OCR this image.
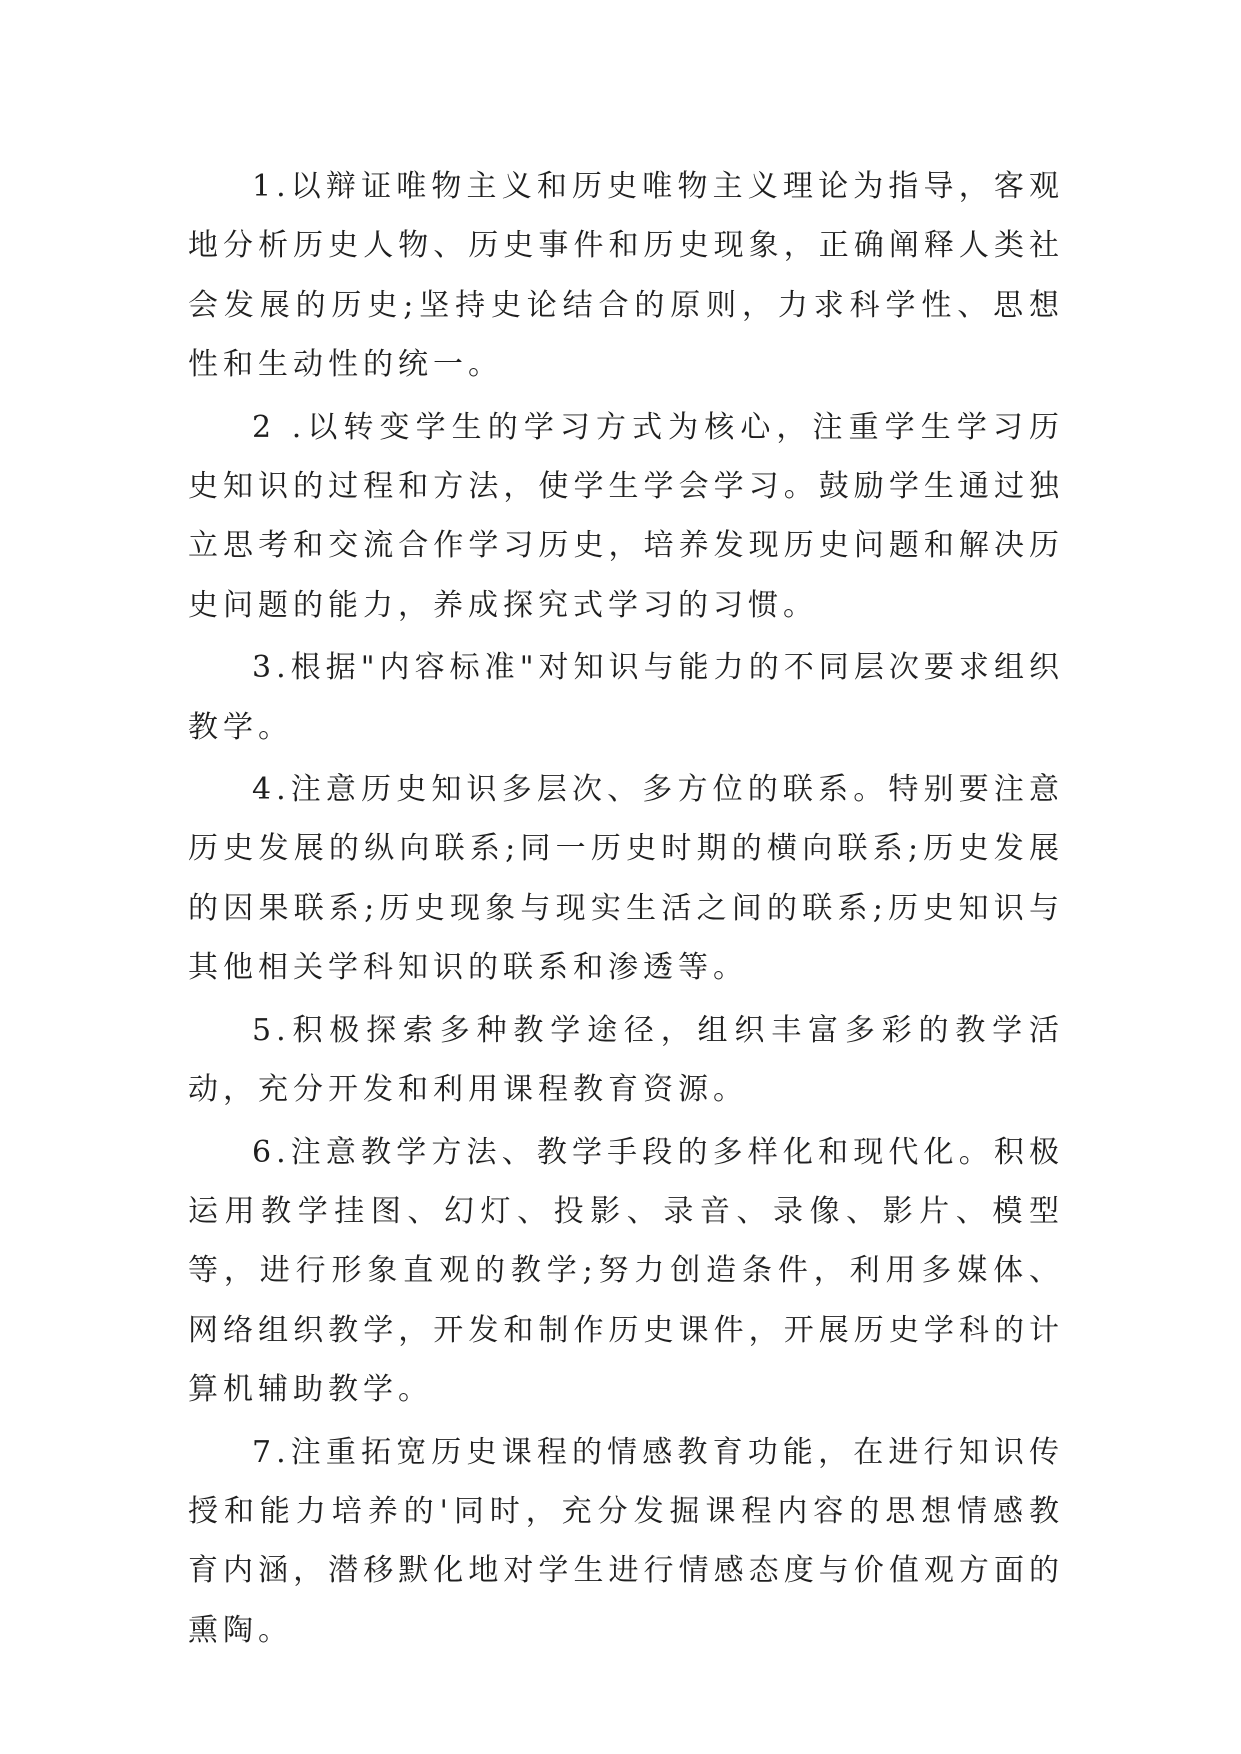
1.以辩证唯物主义和历史唯物主义理论为指导，客观地分析历史人物、历史事件和历史现象，正确阐释人类社会发展的历史;坚持史论结合的原则，力求科学性、思想性和生动性的统一。

2 .以转变学生的学习方式为核心，注重学生学习历史知识的过程和方法，使学生学会学习。鼓励学生通过独立思考和交流合作学习历史，培养发现历史问题和解决历史问题的能力，养成探究式学习的习惯。

3.根据"内容标准"对知识与能力的不同层次要求组织教学。

4.注意历史知识多层次、多方位的联系。特别要注意历史发展的纵向联系;同一历史时期的横向联系;历史发展的因果联系;历史现象与现实生活之间的联系;历史知识与其他相关学科知识的联系和渗透等。

5.积极探索多种教学途径，组织丰富多彩的教学活动，充分开发和利用课程教育资源。

6.注意教学方法、教学手段的多样化和现代化。积极运用教学挂图、幻灯、投影、录音、录像、影片、模型等，进行形象直观的教学;努力创造条件，利用多媒体、网络组织教学，开发和制作历史课件，开展历史学科的计算机辅助教学。

7.注重拓宽历史课程的情感教育功能，在进行知识传授和能力培养的'同时，充分发掘课程内容的思想情感教育内涵，潜移默化地对学生进行情感态度与价值观方面的熏陶。
